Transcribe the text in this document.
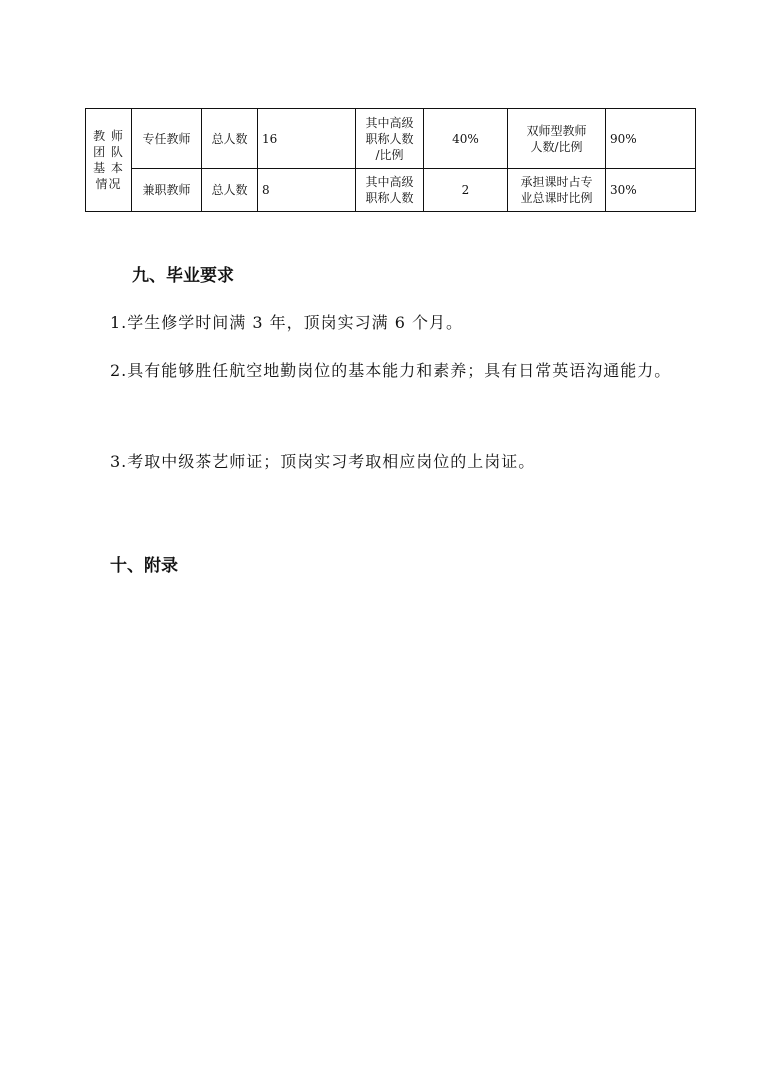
教 师
团 队
基 本
情况	专任教师	总人数	16	其中高级
职称人数
/比例	40%	双师型教师
人数/比例	90%
	兼职教师	总人数	8	其中高级
职称人数	2	承担课时占专
业总课时比例	30%
九、毕业要求
1.学生修学时间满 3 年，顶岗实习满 6 个月。
2.具有能够胜任航空地勤岗位的基本能力和素养；具有日常英语沟通能力。
3.考取中级茶艺师证；顶岗实习考取相应岗位的上岗证。
十、附录
